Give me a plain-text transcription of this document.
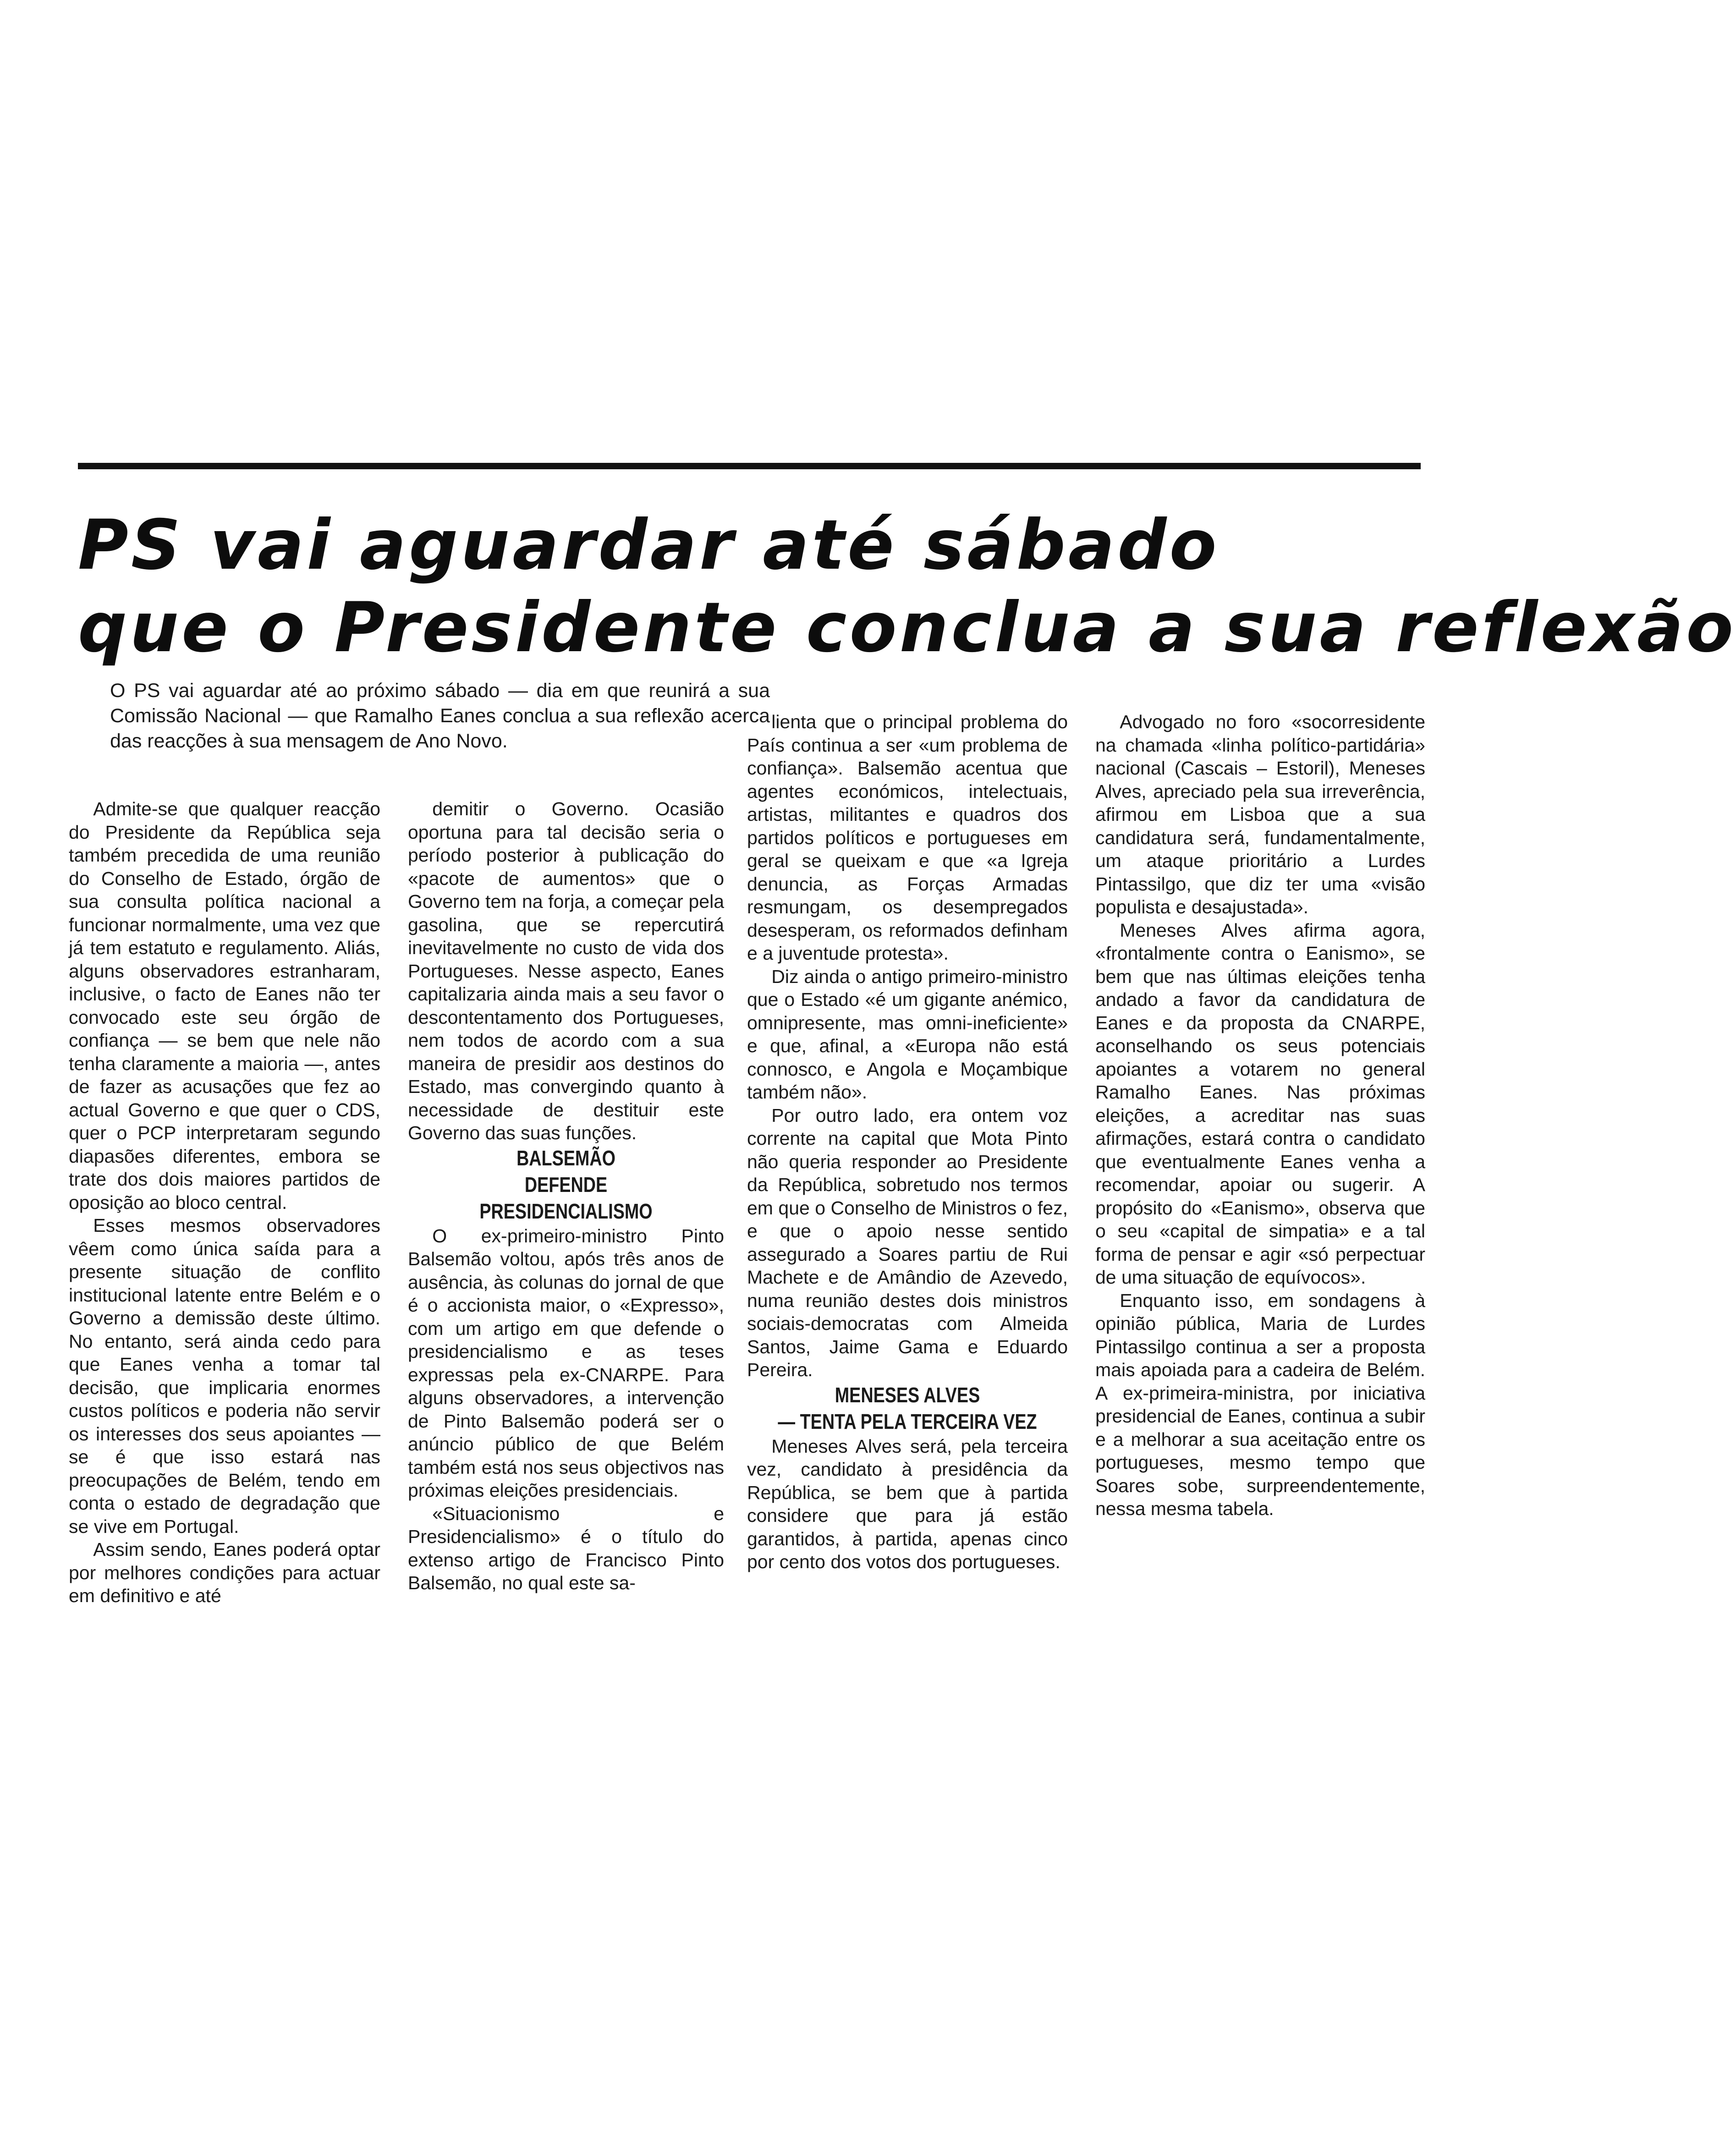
PS vai aguardar até sábado
que o Presidente conclua a sua reflexão

O PS vai aguardar até ao próximo sábado — dia em que reunirá a sua Comissão Nacional — que Ramalho Eanes conclua a sua reflexão acerca das reacções à sua mensagem de Ano Novo.

Admite-se que qualquer reacção do Presidente da República seja também precedida de uma reunião do Conselho de Estado, órgão de sua consulta política nacional a funcionar normalmente, uma vez que já tem estatuto e regulamento. Aliás, alguns observadores estranharam, inclusive, o facto de Eanes não ter convocado este seu órgão de confiança — se bem que nele não tenha claramente a maioria —, antes de fazer as acusações que fez ao actual Governo e que quer o CDS, quer o PCP interpretaram segundo diapasões diferentes, embora se trate dos dois maiores partidos de oposição ao bloco central.

Esses mesmos observadores vêem como única saída para a presente situação de conflito institucional latente entre Belém e o Governo a demissão deste último. No entanto, será ainda cedo para que Eanes venha a tomar tal decisão, que implicaria enormes custos políticos e poderia não servir os interesses dos seus apoiantes — se é que isso estará nas preocupações de Belém, tendo em conta o estado de degradação que se vive em Portugal.

Assim sendo, Eanes poderá optar por melhores condições para actuar em definitivo e até

demitir o Governo. Ocasião oportuna para tal decisão seria o período posterior à publicação do «pacote de aumentos» que o Governo tem na forja, a começar pela gasolina, que se repercutirá inevitavelmente no custo de vida dos Portugueses. Nesse aspecto, Eanes capitalizaria ainda mais a seu favor o descontentamento dos Portugueses, nem todos de acordo com a sua maneira de presidir aos destinos do Estado, mas convergindo quanto à necessidade de destituir este Governo das suas funções.

BALSEMÃO
DEFENDE PRESIDENCIALISMO

O ex-primeiro-ministro Pinto Balsemão voltou, após três anos de ausência, às colunas do jornal de que é o accionista maior, o «Expresso», com um artigo em que defende o presidencialismo e as teses expressas pela ex-CNARPE. Para alguns observadores, a intervenção de Pinto Balsemão poderá ser o anúncio público de que Belém também está nos seus objectivos nas próximas eleições presidenciais.

«Situacionismo e Presidencialismo» é o título do extenso artigo de Francisco Pinto Balsemão, no qual este sa-

lienta que o principal problema do País continua a ser «um problema de confiança». Balsemão acentua que agentes económicos, intelectuais, artistas, militantes e quadros dos partidos políticos e portugueses em geral se queixam e que «a Igreja denuncia, as Forças Armadas resmungam, os desempregados desesperam, os reformados definham e a juventude protesta».

Diz ainda o antigo primeiro-ministro que o Estado «é um gigante anémico, omnipresente, mas omni-ineficiente» e que, afinal, a «Europa não está connosco, e Angola e Moçambique também não».

Por outro lado, era ontem voz corrente na capital que Mota Pinto não queria responder ao Presidente da República, sobretudo nos termos em que o Conselho de Ministros o fez, e que o apoio nesse sentido assegurado a Soares partiu de Rui Machete e de Amândio de Azevedo, numa reunião destes dois ministros sociais-democratas com Almeida Santos, Jaime Gama e Eduardo Pereira.

MENESES ALVES
— TENTA PELA TERCEIRA VEZ

Meneses Alves será, pela terceira vez, candidato à presidência da República, se bem que à partida considere que para já estão garantidos, à partida, apenas cinco por cento dos votos dos portugueses.

Advogado no foro «socorresidente na chamada «linha político-partidária» nacional (Cascais – Estoril), Meneses Alves, apreciado pela sua irreverência, afirmou em Lisboa que a sua candidatura será, fundamentalmente, um ataque prioritário a Lurdes Pintassilgo, que diz ter uma «visão populista e desajustada».

Meneses Alves afirma agora, «frontalmente contra o Eanismo», se bem que nas últimas eleições tenha andado a favor da candidatura de Eanes e da proposta da CNARPE, aconselhando os seus potenciais apoiantes a votarem no general Ramalho Eanes. Nas próximas eleições, a acreditar nas suas afirmações, estará contra o candidato que eventualmente Eanes venha a recomendar, apoiar ou sugerir. A propósito do «Eanismo», observa que o seu «capital de simpatia» e a tal forma de pensar e agir «só perpectuar de uma situação de equívocos».

Enquanto isso, em sondagens à opinião pública, Maria de Lurdes Pintassilgo continua a ser a proposta mais apoiada para a cadeira de Belém. A ex-primeira-ministra, por iniciativa presidencial de Eanes, continua a subir e a melhorar a sua aceitação entre os portugueses, mesmo tempo que Soares sobe, surpreendentemente, nessa mesma tabela.
